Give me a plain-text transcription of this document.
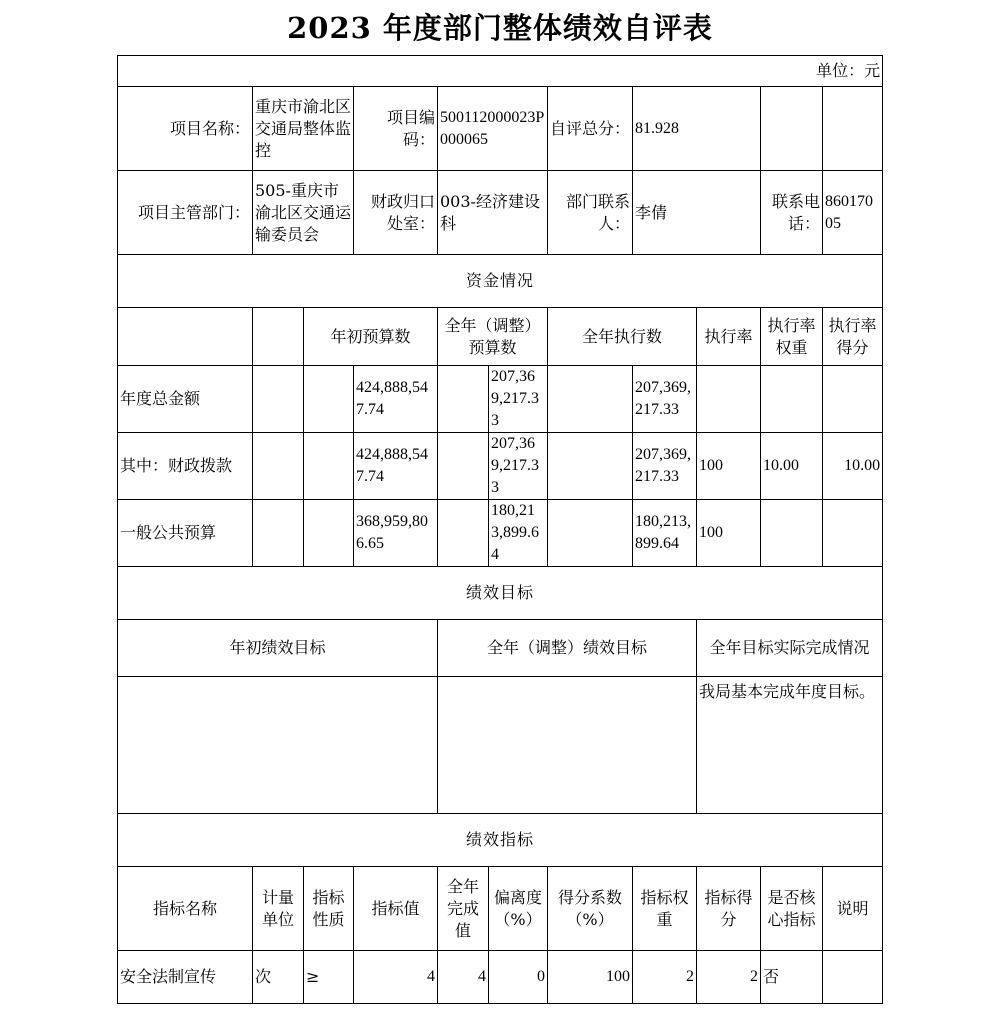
2023 年度部门整体绩效自评表
单位：元										
项目名称：	重庆市渝北区交通局整体监控		项目编码：	500112000023P000065		自评总分：	81.928			
项目主管部门：	505-重庆市渝北区交通运输委员会		财政归口处室：	003-经济建设科		部门联系人：	李倩		联系电话：	86017005
资金情况										
		年初预算数		全年（调整）预算数		全年执行数		执行率	执行率权重	执行率得分
年度总金额			424,888,547.74		207,369,217.33		207,369,217.33			
其中：财政拨款			424,888,547.74		207,369,217.33		207,369,217.33	100	10.00	10.00
一般公共预算			368,959,806.65		180,213,899.64		180,213,899.64	100		
绩效目标										
年初绩效目标				全年（调整）绩效目标				全年目标实际完成情况		
								我局基本完成年度目标。		
绩效指标										
指标名称	计量单位	指标性质	指标值	全年完成值	偏离度（%）	得分系数（%）	指标权重	指标得分	是否核心指标	说明
安全法制宣传	次	≥	4	4	0	100	2	2	否	
